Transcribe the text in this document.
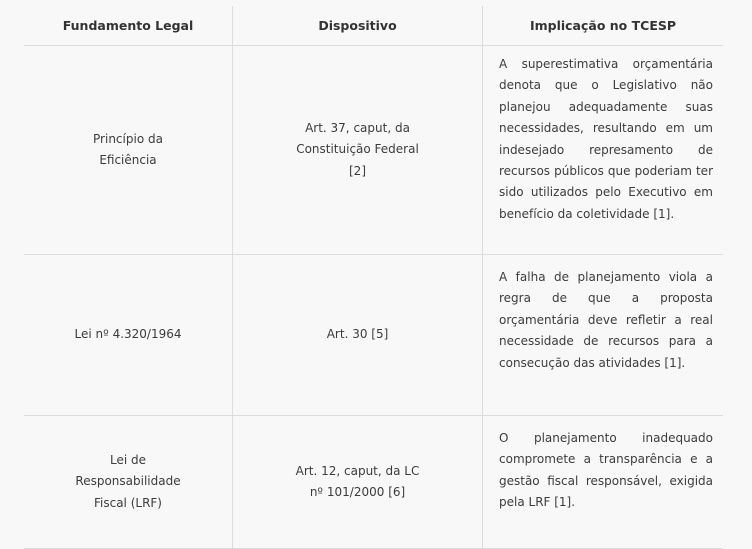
Fundamento Legal	Dispositivo	Implicação no TCESP

Princípio da Eficiência	Art. 37, caput, da Constituição Federal [2]	A superestimativa orçamentária denota que o Legislativo não planejou adequadamente suas necessidades, resultando em um indesejado represamento de recursos públicos que poderiam ter sido utilizados pelo Executivo em benefício da coletividade [1].

Lei nº 4.320/1964	Art. 30 [5]	A falha de planejamento viola a regra de que a proposta orçamentária deve refletir a real necessidade de recursos para a consecução das atividades [1].

Lei de Responsabilidade Fiscal (LRF)	Art. 12, caput, da LC nº 101/2000 [6]	O planejamento inadequado compromete a transparência e a gestão fiscal responsável, exigida pela LRF [1].
